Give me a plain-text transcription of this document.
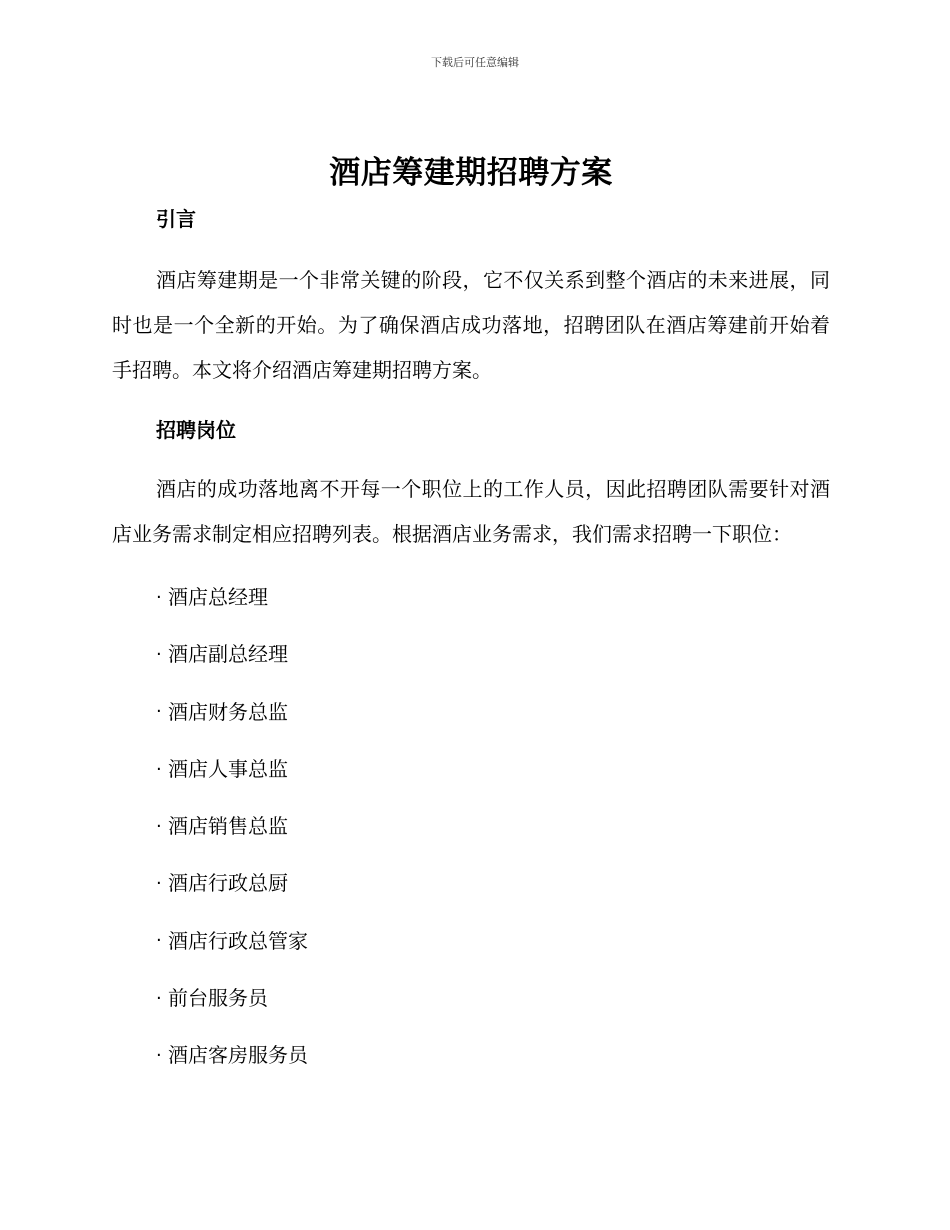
下载后可任意编辑
酒店筹建期招聘方案
引言

酒店筹建期是一个非常关键的阶段，它不仅关系到整个酒店的未来进展，同时也是一个全新的开始。为了确保酒店成功落地，招聘团队在酒店筹建前开始着手招聘。本文将介绍酒店筹建期招聘方案。

招聘岗位

酒店的成功落地离不开每一个职位上的工作人员，因此招聘团队需要针对酒店业务需求制定相应招聘列表。根据酒店业务需求，我们需求招聘一下职位：

· 酒店总经理
· 酒店副总经理
· 酒店财务总监
· 酒店人事总监
· 酒店销售总监
· 酒店行政总厨
· 酒店行政总管家
· 前台服务员
· 酒店客房服务员
